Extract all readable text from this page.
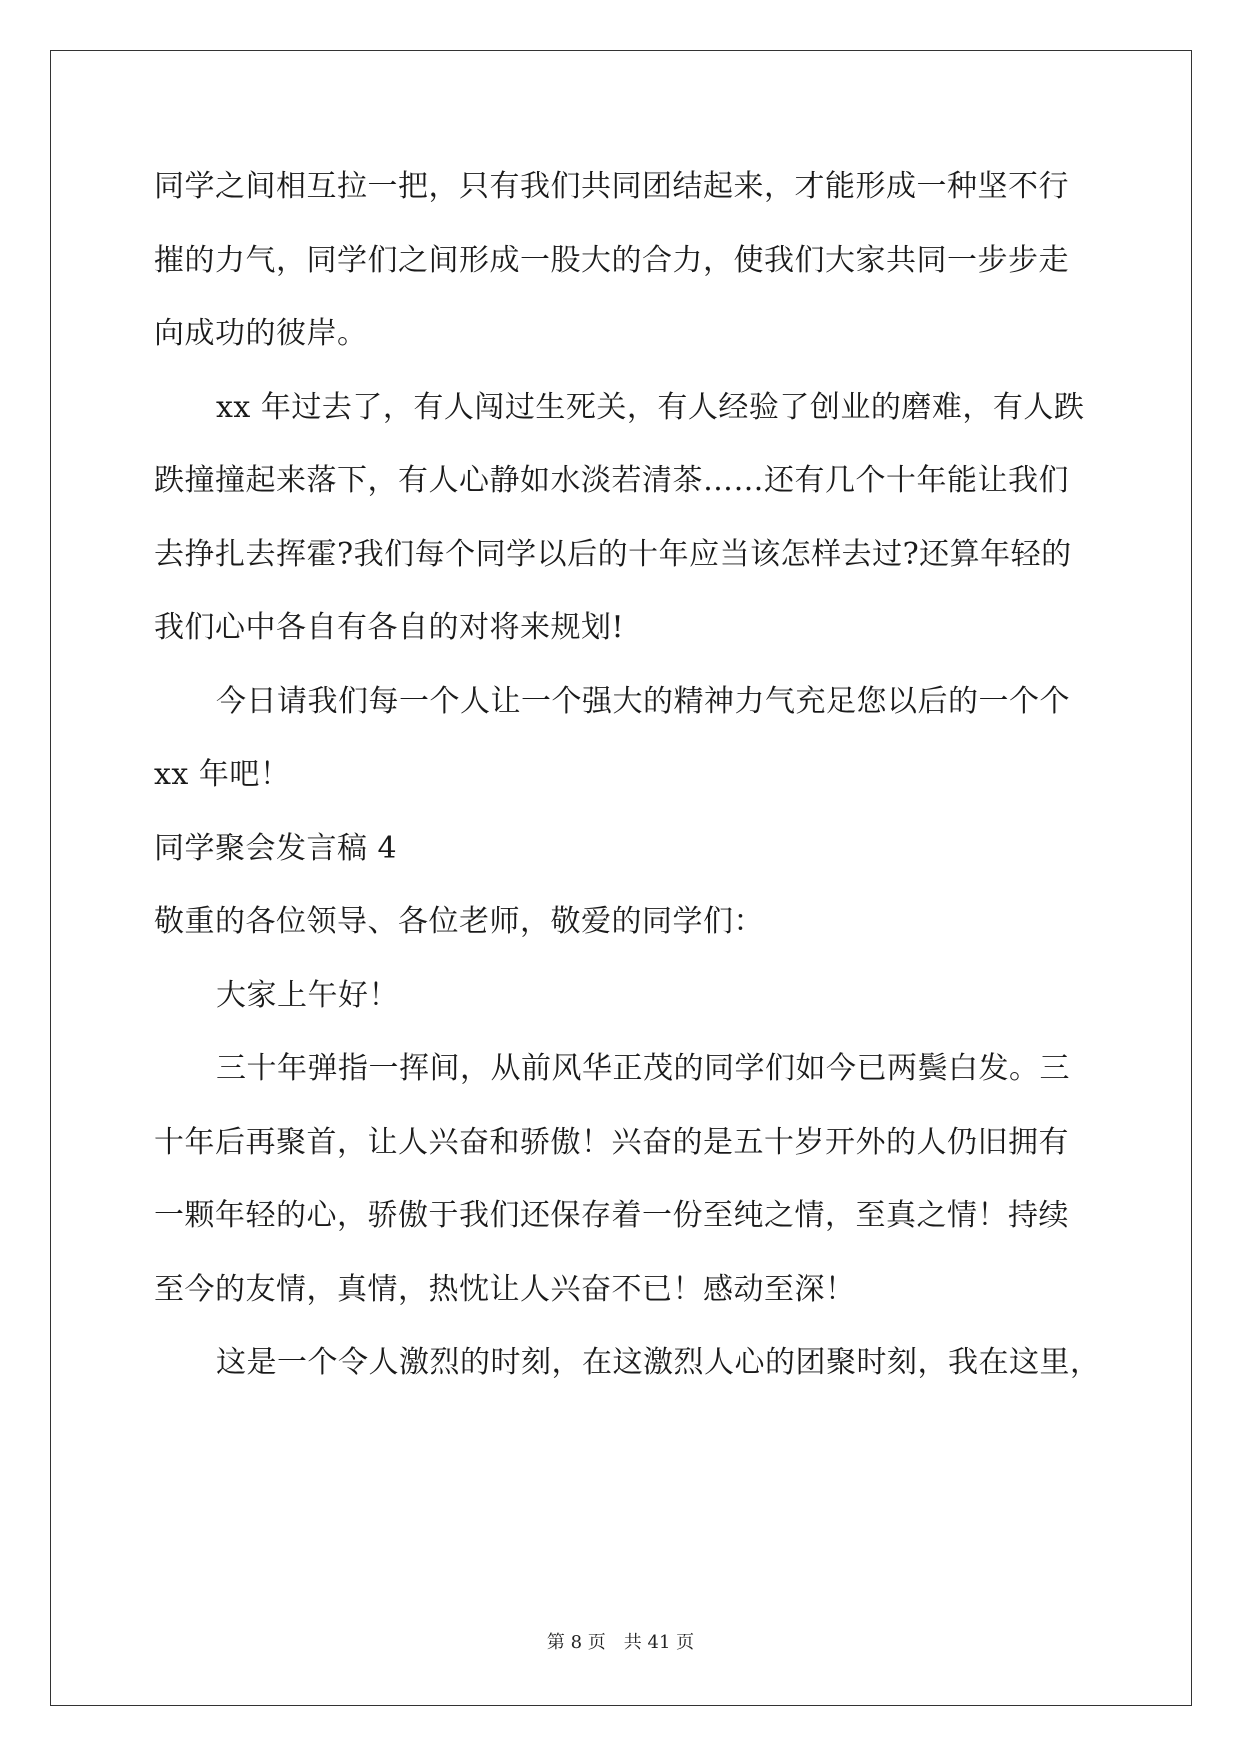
同学之间相互拉一把，只有我们共同团结起来，才能形成一种坚不行
摧的力气，同学们之间形成一股大的合力，使我们大家共同一步步走
向成功的彼岸。
xx 年过去了，有人闯过生死关，有人经验了创业的磨难，有人跌
跌撞撞起来落下，有人心静如水淡若清茶……还有几个十年能让我们
去挣扎去挥霍?我们每个同学以后的十年应当该怎样去过?还算年轻的
我们心中各自有各自的对将来规划!
今日请我们每一个人让一个强大的精神力气充足您以后的一个个
xx 年吧！
同学聚会发言稿 4
敬重的各位领导、各位老师，敬爱的同学们：
大家上午好！
三十年弹指一挥间，从前风华正茂的同学们如今已两鬓白发。三
十年后再聚首，让人兴奋和骄傲！兴奋的是五十岁开外的人仍旧拥有
一颗年轻的心，骄傲于我们还保存着一份至纯之情，至真之情！持续
至今的友情，真情，热忱让人兴奋不已！感动至深！
这是一个令人激烈的时刻，在这激烈人心的团聚时刻，我在这里，
第 8 页　共 41 页
